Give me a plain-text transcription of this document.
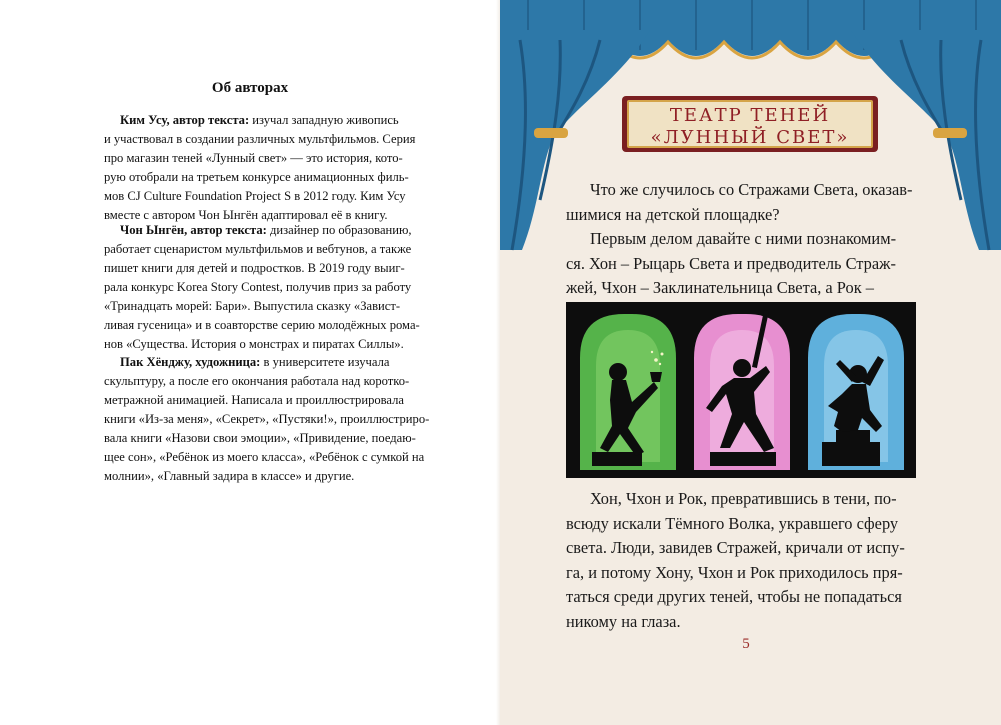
Об авторах

Ким Усу, автор текста: изучал западную живопись
и участвовал в создании различных мультфильмов. Серия
про магазин теней «Лунный свет» — это история, кото-
рую отобрали на третьем конкурсе анимационных филь-
мов CJ Culture Foundation Project S в 2012 году. Ким Усу
вместе с автором Чон Ынгён адаптировал её в книгу.

Чон Ынгён, автор текста: дизайнер по образованию,
работает сценаристом мультфильмов и вебтунов, а также
пишет книги для детей и подростков. В 2019 году выиг-
рала конкурс Korea Story Contest, получив приз за работу
«Тринадцать морей: Бари». Выпустила сказку «Завист-
ливая гусеница» и в соавторстве серию молодёжных рома-
нов «Существа. История о монстрах и пиратах Силлы».

Пак Хёнджу, художница: в университете изучала
скульптуру, а после его окончания работала над коротко-
метражной анимацией. Написала и проиллюстрировала
книги «Из-за меня», «Секрет», «Пустяки!», проиллюстриро-
вала книги «Назови свои эмоции», «Привидение, поедаю-
щее сон», «Ребёнок из моего класса», «Ребёнок с сумкой на
молнии», «Главный задира в классе» и другие.

ТЕАТР ТЕНЕЙ
«ЛУННЫЙ СВЕТ»

Что же случилось со Стражами Света, оказав-
шимися на детской площадке?

Первым делом давайте с ними познакомим-
ся. Хон – Рыцарь Света и предводитель Страж-
жей, Чхон – Заклинательница Света, а Рок –

Хон, Чхон и Рок, превратившись в тени, по-
всюду искали Тёмного Волка, укравшего сферу
света. Люди, завидев Стражей, кричали от испу-
га, и потому Хону, Чхон и Рок приходилось пря-
таться среди других теней, чтобы не попадаться
никому на глаза.

5
